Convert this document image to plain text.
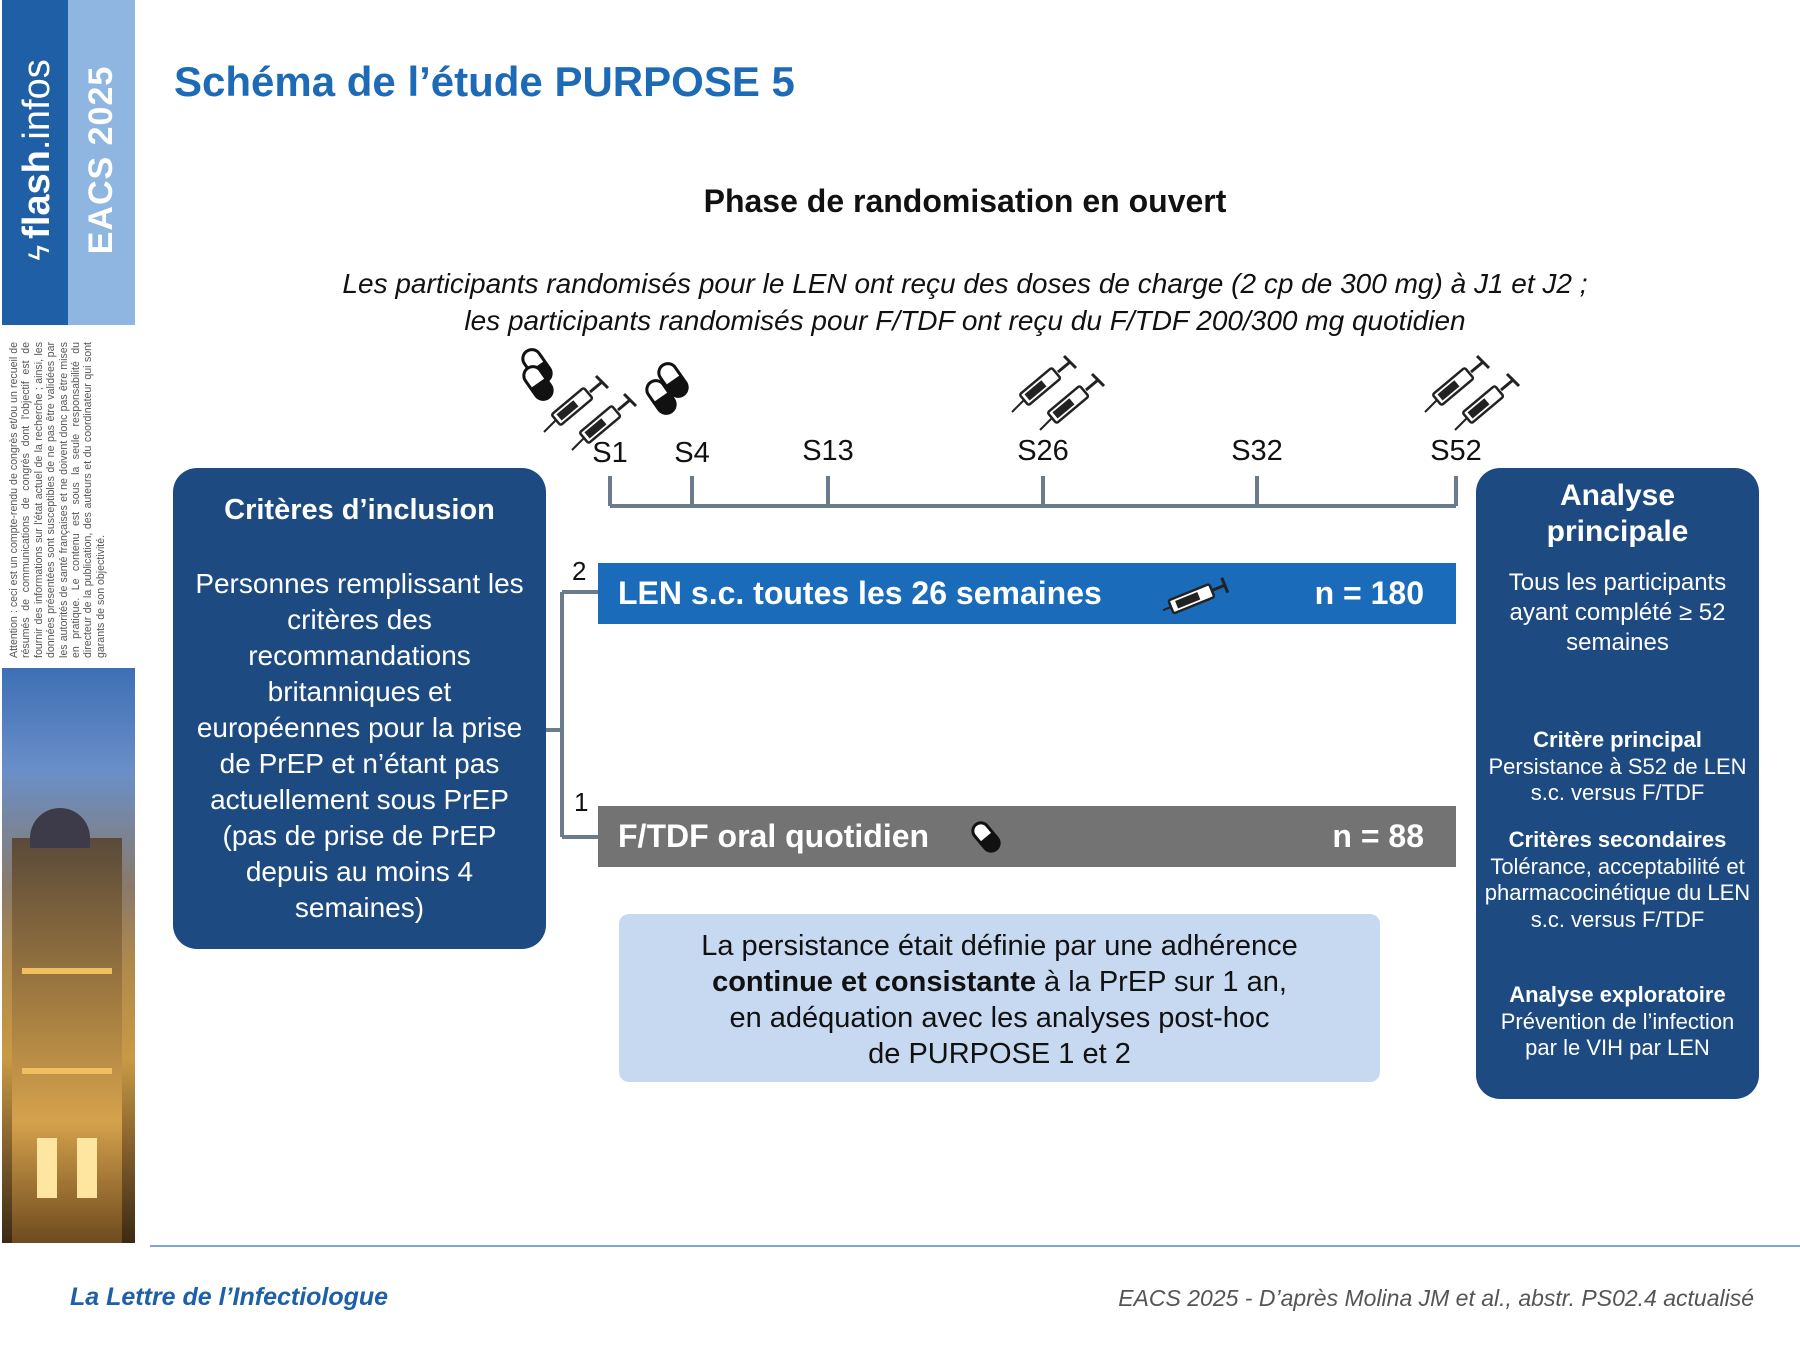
ϟflash.infos EACS 2025
Attention : ceci est un compte-rendu de congrès et/ou un recueil de résumés de communications de congrès dont l'objectif est de fournir des informations sur l'état actuel de la recherche ; ainsi, les données présentées sont susceptibles de ne pas être validées par les autorités de santé françaises et ne doivent donc pas être mises en pratique. Le contenu est sous la seule responsabilité du directeur de la publication, des auteurs et du coordinateur qui sont garants de son objectivité.
Schéma de l’étude PURPOSE 5
Phase de randomisation en ouvert
Les participants randomisés pour le LEN ont reçu des doses de charge (2 cp de 300 mg) à J1 et J2 ;
les participants randomisés pour F/TDF ont reçu du F/TDF 200/300 mg quotidien
S1 S4	S13	S26	S32	S52
Critères d’inclusion
Personnes remplissant les critères des recommandations britanniques et européennes pour la prise de PrEP et n’étant pas actuellement sous PrEP (pas de prise de PrEP depuis au moins 4 semaines)
2
LEN s.c. toutes les 26 semaines	n = 180
1
F/TDF oral quotidien	n = 88
La persistance était définie par une adhérence
continue et consistante à la PrEP sur 1 an,
en adéquation avec les analyses post-hoc
de PURPOSE 1 et 2
Analyse
principale
Tous les participants ayant complété ≥ 52 semaines
Critère principal
Persistance à S52 de LEN s.c. versus F/TDF
Critères secondaires
Tolérance, acceptabilité et pharmacocinétique du LEN s.c. versus F/TDF
Analyse exploratoire
Prévention de l’infection par le VIH par LEN
La Lettre de l’Infectiologue	EACS 2025 - D’après Molina JM et al., abstr. PS02.4 actualisé
